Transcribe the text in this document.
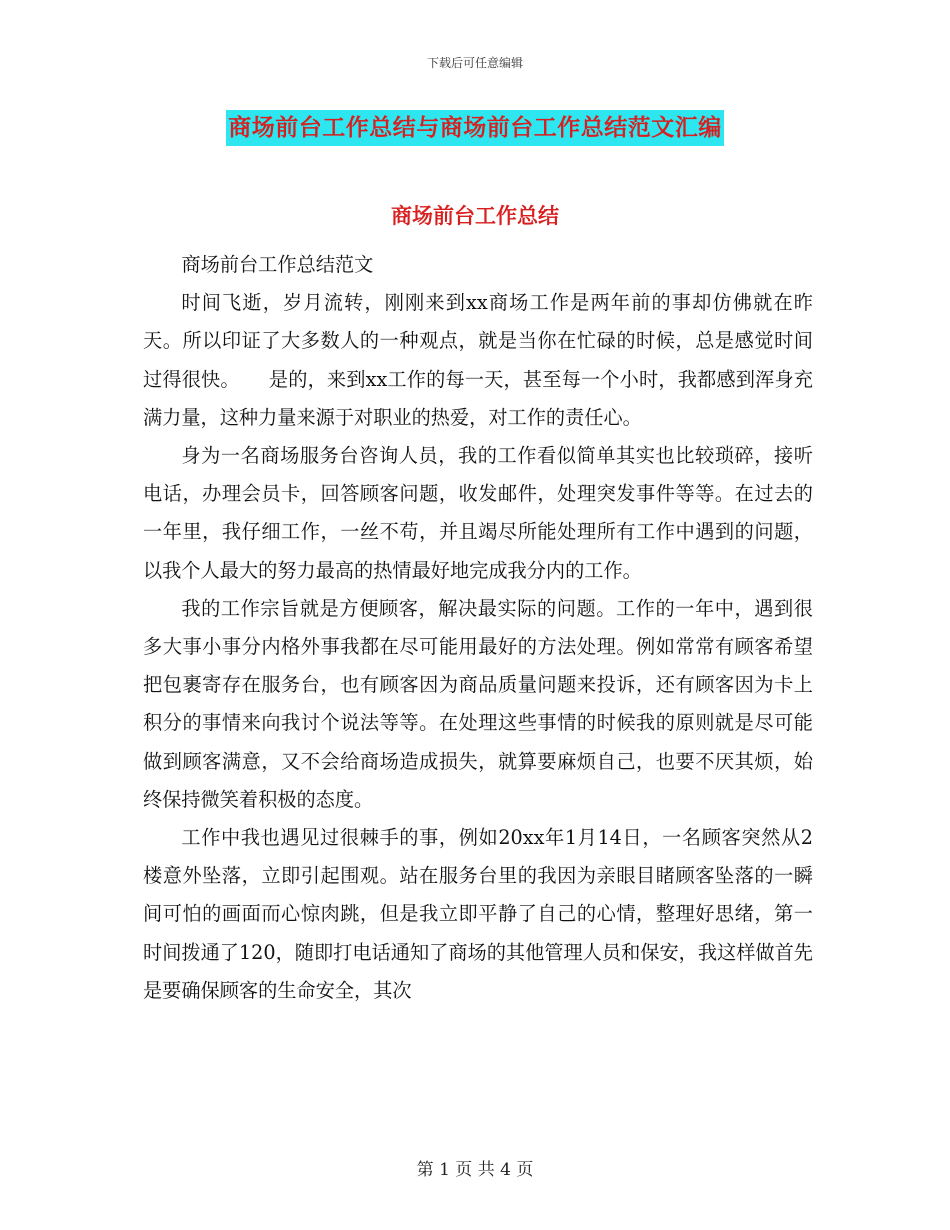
下载后可任意编辑
商场前台工作总结与商场前台工作总结范文汇编
商场前台工作总结

商场前台工作总结范文

时间飞逝，岁月流转，刚刚来到xx商场工作是两年前的事却仿佛就在昨天。所以印证了大多数人的一种观点，就是当你在忙碌的时候，总是感觉时间过得很快。　　是的，来到xx工作的每一天，甚至每一个小时，我都感到浑身充满力量，这种力量来源于对职业的热爱，对工作的责任心。

身为一名商场服务台咨询人员，我的工作看似简单其实也比较琐碎，接听电话，办理会员卡，回答顾客问题，收发邮件，处理突发事件等等。在过去的一年里，我仔细工作，一丝不苟，并且竭尽所能处理所有工作中遇到的问题，以我个人最大的努力最高的热情最好地完成我分内的工作。

我的工作宗旨就是方便顾客，解决最实际的问题。工作的一年中，遇到很多大事小事分内格外事我都在尽可能用最好的方法处理。例如常常有顾客希望把包裹寄存在服务台，也有顾客因为商品质量问题来投诉，还有顾客因为卡上积分的事情来向我讨个说法等等。在处理这些事情的时候我的原则就是尽可能做到顾客满意，又不会给商场造成损失，就算要麻烦自己，也要不厌其烦，始终保持微笑着积极的态度。

工作中我也遇见过很棘手的事，例如20xx年1月14日，一名顾客突然从2楼意外坠落，立即引起围观。站在服务台里的我因为亲眼目睹顾客坠落的一瞬间可怕的画面而心惊肉跳，但是我立即平静了自己的心情，整理好思绪，第一时间拨通了120，随即打电话通知了商场的其他管理人员和保安，我这样做首先是要确保顾客的生命安全，其次

第 1 页 共 4 页
